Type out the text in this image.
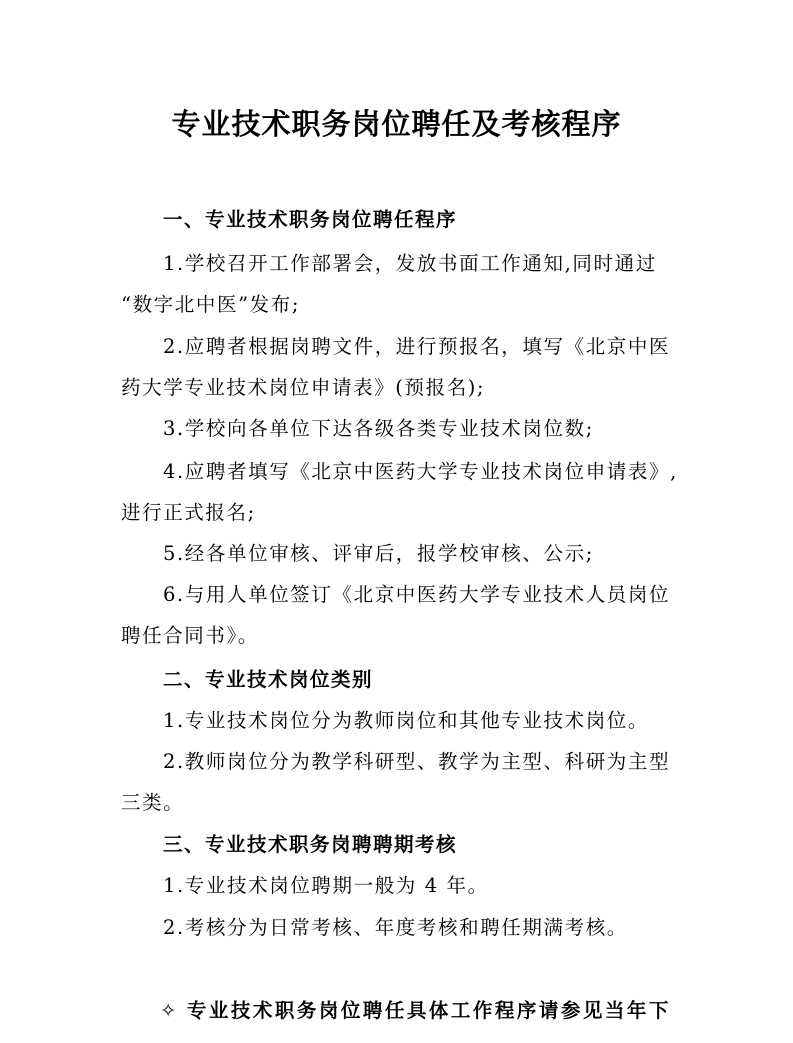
专业技术职务岗位聘任及考核程序
一、专业技术职务岗位聘任程序
1.学校召开工作部署会，发放书面工作通知,同时通过
“数字北中医”发布;
2.应聘者根据岗聘文件，进行预报名，填写《北京中医
药大学专业技术岗位申请表》(预报名);
3.学校向各单位下达各级各类专业技术岗位数;
4.应聘者填写《北京中医药大学专业技术岗位申请表》,
进行正式报名;
5.经各单位审核、评审后，报学校审核、公示;
6.与用人单位签订《北京中医药大学专业技术人员岗位
聘任合同书》。
二、专业技术岗位类别
1.专业技术岗位分为教师岗位和其他专业技术岗位。
2.教师岗位分为教学科研型、教学为主型、科研为主型
三类。
三、专业技术职务岗聘聘期考核
1.专业技术岗位聘期一般为 4 年。
2.考核分为日常考核、年度考核和聘任期满考核。
✧ 专业技术职务岗位聘任具体工作程序请参见当年下
